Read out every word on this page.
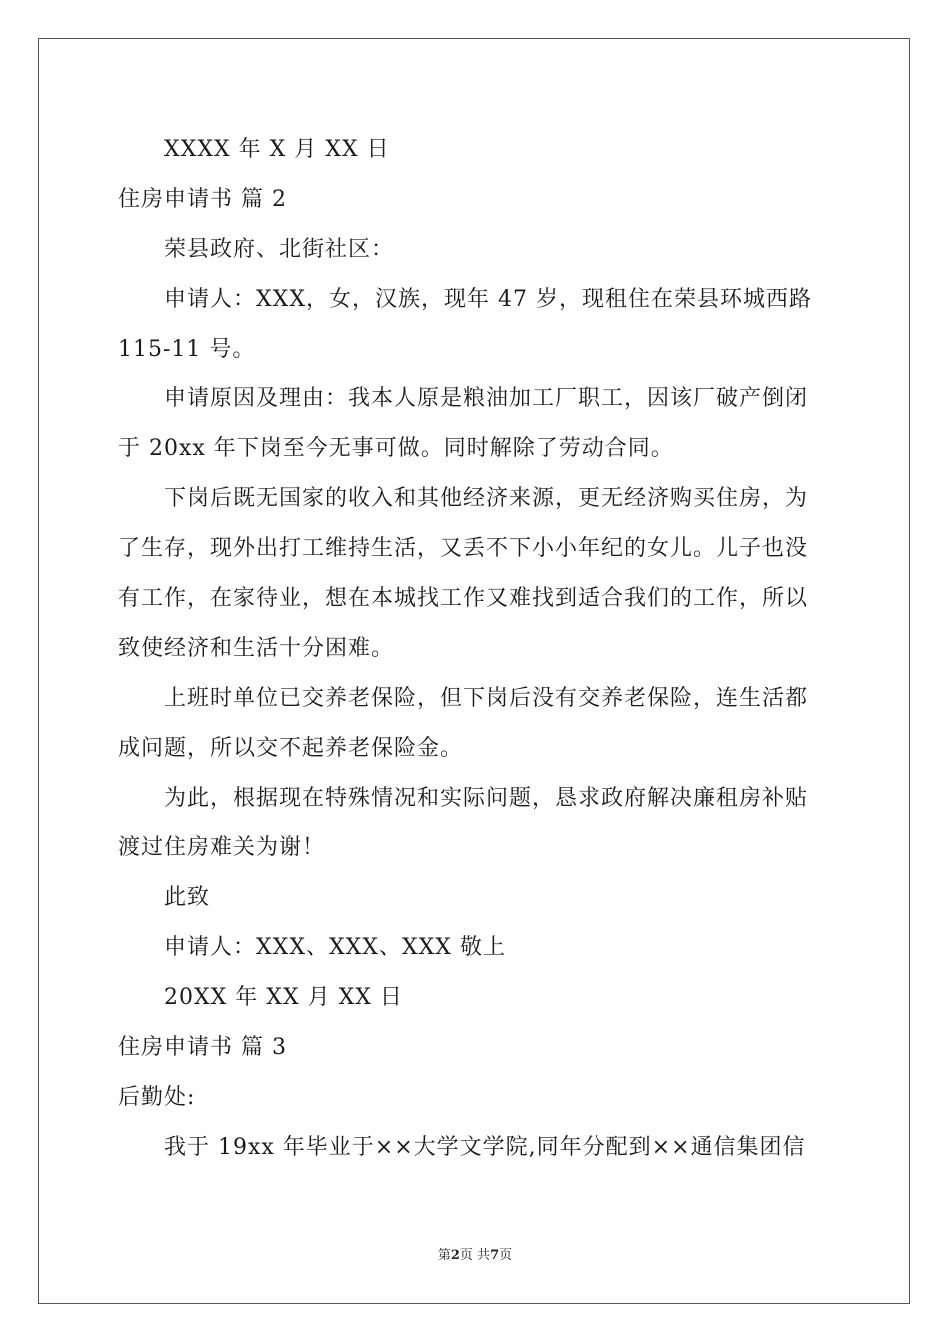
XXXX 年 X 月 XX 日
住房申请书 篇 2
荣县政府、北街社区：
申请人：XXX，女，汉族，现年 47 岁，现租住在荣县环城西路
115-11 号。
申请原因及理由：我本人原是粮油加工厂职工，因该厂破产倒闭
于 20xx 年下岗至今无事可做。同时解除了劳动合同。
下岗后既无国家的收入和其他经济来源，更无经济购买住房，为
了生存，现外出打工维持生活，又丢不下小小年纪的女儿。儿子也没
有工作，在家待业，想在本城找工作又难找到适合我们的工作，所以
致使经济和生活十分困难。
上班时单位已交养老保险，但下岗后没有交养老保险，连生活都
成问题，所以交不起养老保险金。
为此，根据现在特殊情况和实际问题，恳求政府解决廉租房补贴
渡过住房难关为谢！
此致
申请人：XXX、XXX、XXX 敬上
20XX 年 XX 月 XX 日
住房申请书 篇 3
后勤处:
我于 19xx 年毕业于××大学文学院,同年分配到××通信集团信
第2页 共7页
